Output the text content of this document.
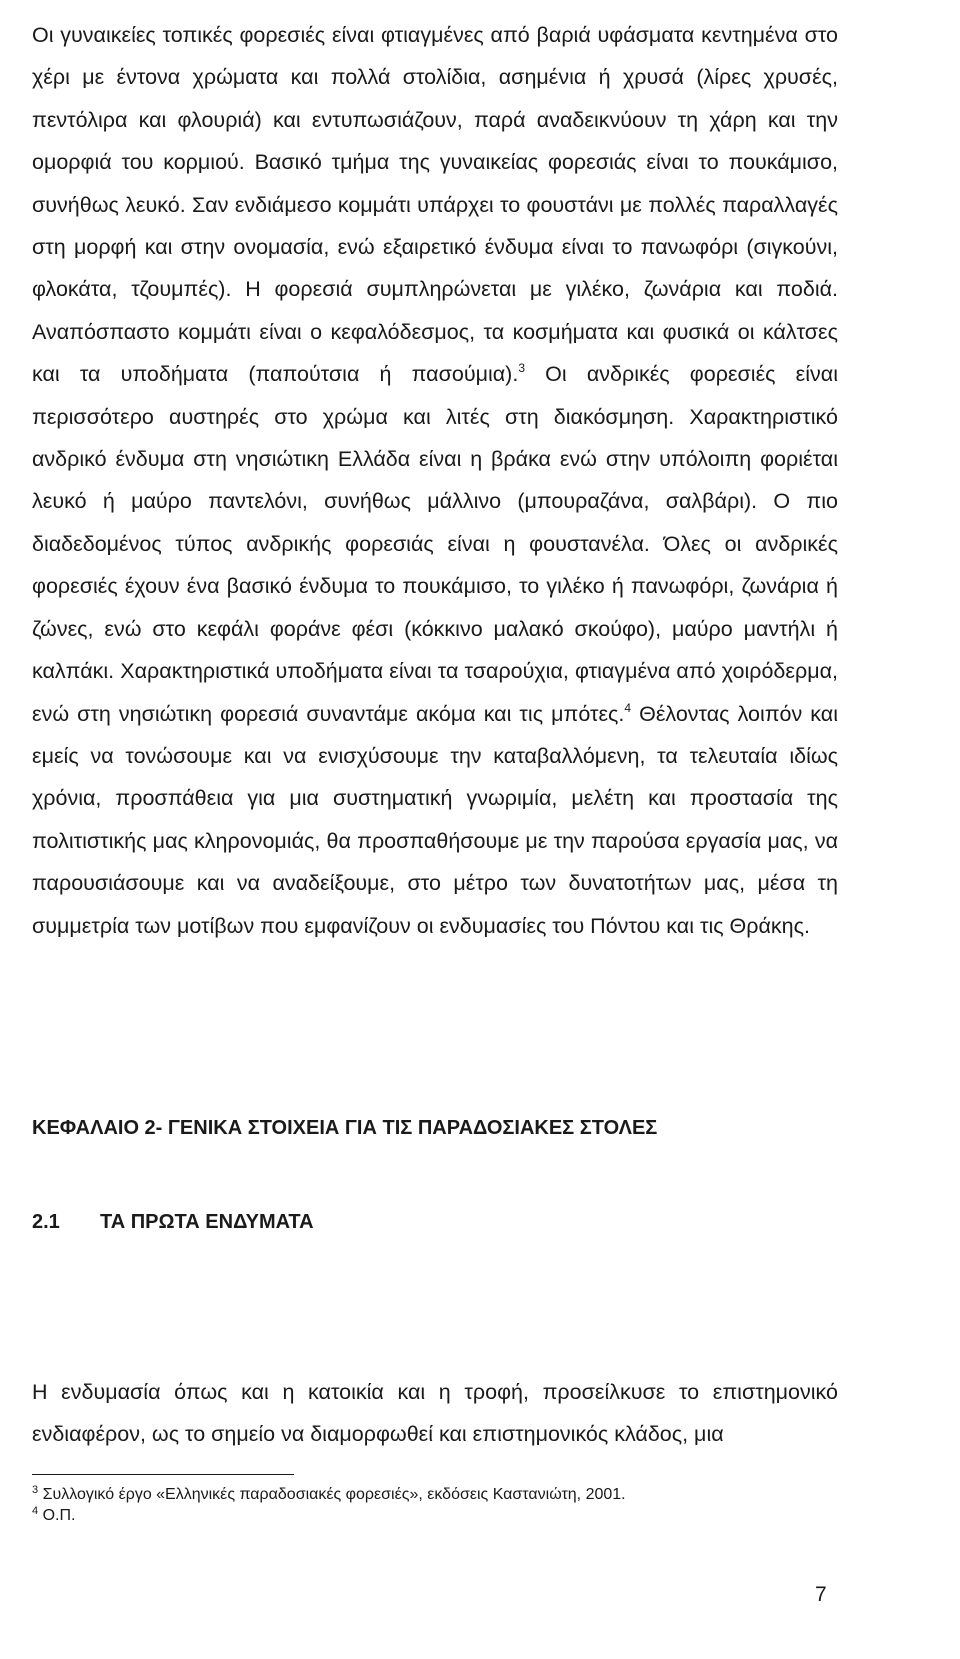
Οι γυναικείες τοπικές φορεσιές είναι φτιαγμένες από βαριά υφάσματα κεντημένα στο χέρι με έντονα χρώματα και πολλά στολίδια, ασημένια ή χρυσά (λίρες χρυσές, πεντόλιρα και φλουριά) και εντυπωσιάζουν, παρά αναδεικνύουν τη χάρη και την ομορφιά του κορμιού. Βασικό τμήμα της γυναικείας φορεσιάς είναι το πουκάμισο, συνήθως λευκό. Σαν ενδιάμεσο κομμάτι υπάρχει το φουστάνι με πολλές παραλλαγές στη μορφή και στην ονομασία, ενώ εξαιρετικό ένδυμα είναι το πανωφόρι (σιγκούνι, φλοκάτα, τζουμπές). Η φορεσιά συμπληρώνεται με γιλέκο, ζωνάρια και ποδιά. Αναπόσπαστο κομμάτι είναι ο κεφαλόδεσμος, τα κοσμήματα και φυσικά οι κάλτσες και τα υποδήματα (παπούτσια ή πασούμια).$^3$ Οι ανδρικές φορεσιές είναι περισσότερο αυστηρές στο χρώμα και λιτές στη διακόσμηση. Χαρακτηριστικό ανδρικό ένδυμα στη νησιώτικη Ελλάδα είναι η βράκα ενώ στην υπόλοιπη φοριέται λευκό ή μαύρο παντελόνι, συνήθως μάλλινο (μπουραζάνα, σαλβάρι). Ο πιο διαδεδομένος τύπος ανδρικής φορεσιάς είναι η φουστανέλα. Όλες οι ανδρικές φορεσιές έχουν ένα βασικό ένδυμα το πουκάμισο, το γιλέκο ή πανωφόρι, ζωνάρια ή ζώνες, ενώ στο κεφάλι φοράνε φέσι (κόκκινο μαλακό σκούφο), μαύρο μαντήλι ή καλπάκι. Χαρακτηριστικά υποδήματα είναι τα τσαρούχια, φτιαγμένα από χοιρόδερμα, ενώ στη νησιώτικη φορεσιά συναντάμε ακόμα και τις μπότες.$^4$ Θέλοντας λοιπόν και εμείς να τονώσουμε και να ενισχύσουμε την καταβαλλόμενη, τα τελευταία ιδίως χρόνια, προσπάθεια για μια συστηματική γνωριμία, μελέτη και προστασία της πολιτιστικής μας κληρονομιάς, θα προσπαθήσουμε με την παρούσα εργασία μας, να παρουσιάσουμε και να αναδείξουμε, στο μέτρο των δυνατοτήτων μας, μέσα τη συμμετρία των μοτίβων που εμφανίζουν οι ενδυμασίες του Πόντου και τις Θράκης.

ΚΕΦΑΛΑΙΟ 2- ΓΕΝΙΚΑ ΣΤΟΙΧΕΙΑ ΓΙΑ ΤΙΣ ΠΑΡΑΔΟΣΙΑΚΕΣ ΣΤΟΛΕΣ
2.1 ΤΑ ΠΡΩΤΑ ΕΝΔΥΜΑΤΑ

Η ενδυμασία όπως και η κατοικία και η τροφή, προσείλκυσε το επιστημονικό ενδιαφέρον, ως το σημείο να διαμορφωθεί και επιστημονικός κλάδος, μια

$^3$ Συλλογικό έργο «Ελληνικές παραδοσιακές φορεσιές», εκδόσεις Καστανιώτη, 2001.

$^4$ Ο.Π.

7
